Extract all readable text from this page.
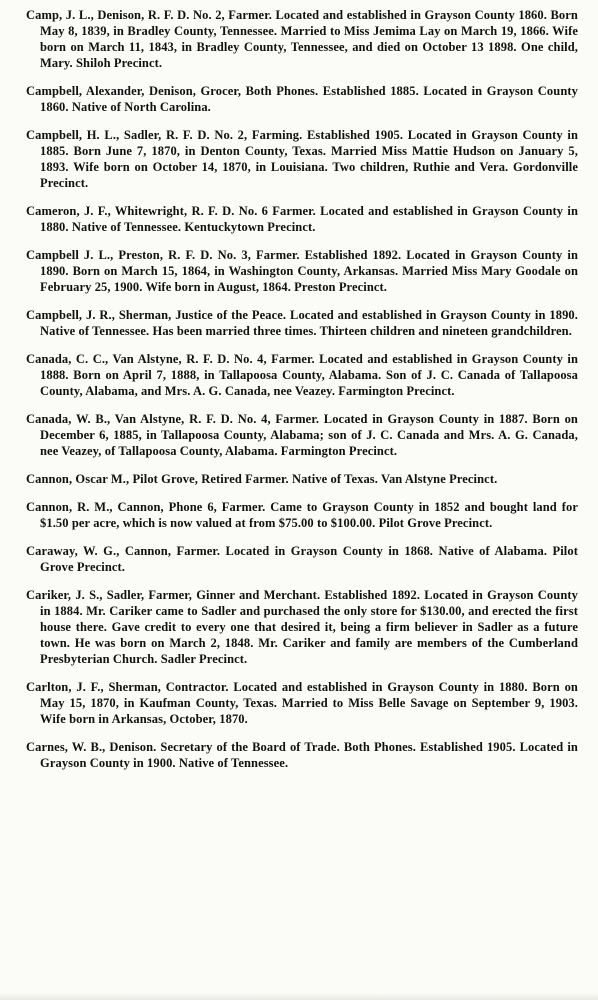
Camp, J. L., Denison, R. F. D. No. 2, Farmer. Located and established in Grayson County 1860. Born May 8, 1839, in Bradley County, Tennessee. Married to Miss Jemima Lay on March 19, 1866. Wife born on March 11, 1843, in Bradley County, Tennessee, and died on October 13 1898. One child, Mary. Shiloh Precinct.

Campbell, Alexander, Denison, Grocer, Both Phones. Established 1885. Located in Grayson County 1860. Native of North Carolina.

Campbell, H. L., Sadler, R. F. D. No. 2, Farming. Established 1905. Located in Grayson County in 1885. Born June 7, 1870, in Denton County, Texas. Married Miss Mattie Hudson on January 5, 1893. Wife born on October 14, 1870, in Louisiana. Two children, Ruthie and Vera. Gordonville Precinct.

Cameron, J. F., Whitewright, R. F. D. No. 6 Farmer. Located and established in Grayson County in 1880. Native of Tennessee. Kentuckytown Precinct.

Campbell J. L., Preston, R. F. D. No. 3, Farmer. Established 1892. Located in Grayson County in 1890. Born on March 15, 1864, in Washington County, Arkansas. Married Miss Mary Goodale on February 25, 1900. Wife born in August, 1864. Preston Precinct.

Campbell, J. R., Sherman, Justice of the Peace. Located and established in Grayson County in 1890. Native of Tennessee. Has been married three times. Thirteen children and nineteen grandchildren.

Canada, C. C., Van Alstyne, R. F. D. No. 4, Farmer. Located and established in Grayson County in 1888. Born on April 7, 1888, in Tallapoosa County, Alabama. Son of J. C. Canada of Tallapoosa County, Alabama, and Mrs. A. G. Canada, nee Veazey. Farmington Precinct.

Canada, W. B., Van Alstyne, R. F. D. No. 4, Farmer. Located in Grayson County in 1887. Born on December 6, 1885, in Tallapoosa County, Alabama; son of J. C. Canada and Mrs. A. G. Canada, nee Veazey, of Tallapoosa County, Alabama. Farmington Precinct.

Cannon, Oscar M., Pilot Grove, Retired Farmer. Native of Texas. Van Alstyne Precinct.

Cannon, R. M., Cannon, Phone 6, Farmer. Came to Grayson County in 1852 and bought land for $1.50 per acre, which is now valued at from $75.00 to $100.00. Pilot Grove Precinct.

Caraway, W. G., Cannon, Farmer. Located in Grayson County in 1868. Native of Alabama. Pilot Grove Precinct.

Cariker, J. S., Sadler, Farmer, Ginner and Merchant. Established 1892. Located in Grayson County in 1884. Mr. Cariker came to Sadler and purchased the only store for $130.00, and erected the first house there. Gave credit to every one that desired it, being a firm believer in Sadler as a future town. He was born on March 2, 1848. Mr. Cariker and family are members of the Cumberland Presbyterian Church. Sadler Precinct.

Carlton, J. F., Sherman, Contractor. Located and established in Grayson County in 1880. Born on May 15, 1870, in Kaufman County, Texas. Married to Miss Belle Savage on September 9, 1903. Wife born in Arkansas, October, 1870.

Carnes, W. B., Denison. Secretary of the Board of Trade. Both Phones. Established 1905. Located in Grayson County in 1900. Native of Tennessee.
